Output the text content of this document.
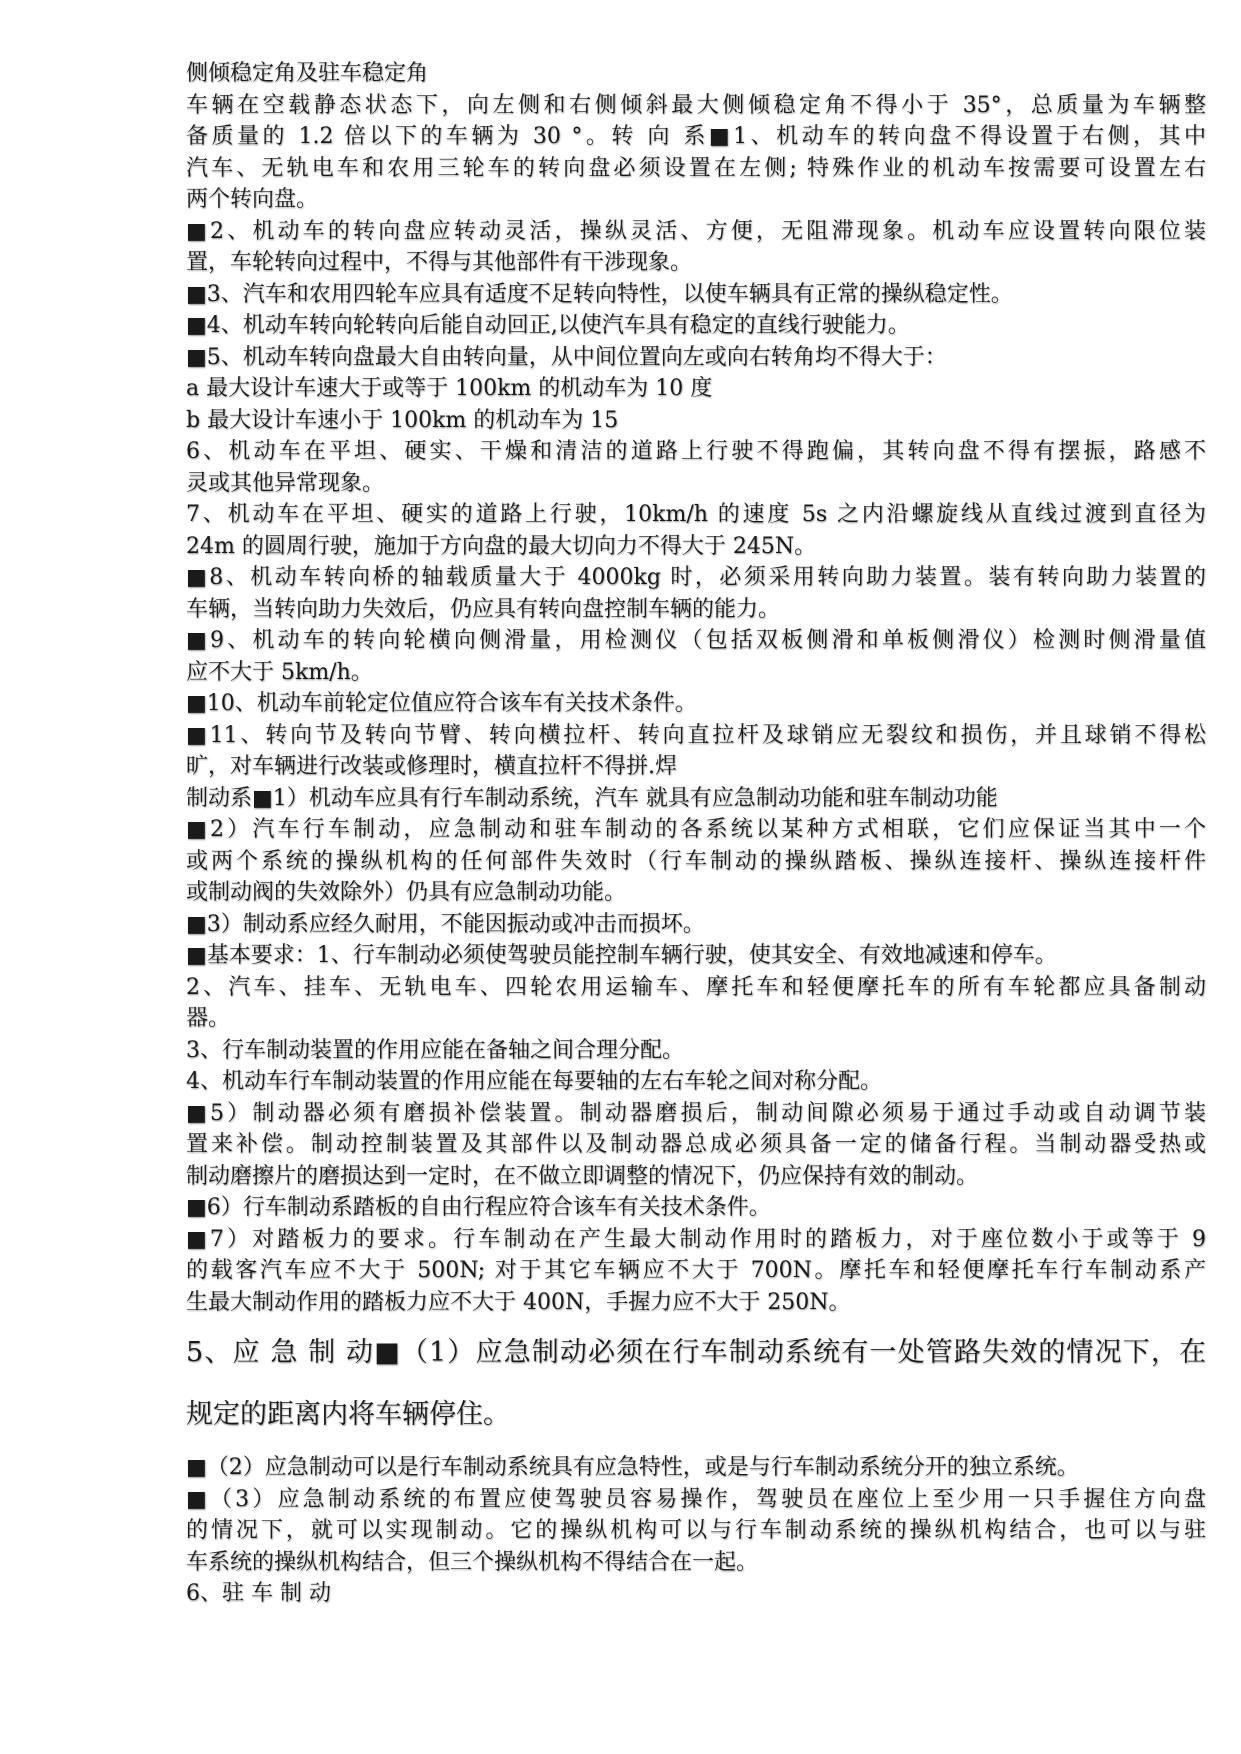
侧倾稳定角及驻车稳定角
车辆在空载静态状态下，向左侧和右侧倾斜最大侧倾稳定角不得小于 35°，总质量为车辆整
备质量的 1.2 倍以下的车辆为 30 °。转 向 系■1、机动车的转向盘不得设置于右侧，其中
汽车、无轨电车和农用三轮车的转向盘必须设置在左侧; 特殊作业的机动车按需要可设置左右
两个转向盘。
■2、机动车的转向盘应转动灵活，操纵灵活、方便，无阻滞现象。机动车应设置转向限位装
置，车轮转向过程中，不得与其他部件有干涉现象。
■3、汽车和农用四轮车应具有适度不足转向特性，以使车辆具有正常的操纵稳定性。
■4、机动车转向轮转向后能自动回正,以使汽车具有稳定的直线行驶能力。
■5、机动车转向盘最大自由转向量，从中间位置向左或向右转角均不得大于：
a 最大设计车速大于或等于 100km 的机动车为 10 度
b 最大设计车速小于 100km 的机动车为 15
6、机动车在平坦、硬实、干燥和清洁的道路上行驶不得跑偏，其转向盘不得有摆振，路感不
灵或其他异常现象。
7、机动车在平坦、硬实的道路上行驶，10km/h 的速度 5s 之内沿螺旋线从直线过渡到直径为
24m 的圆周行驶，施加于方向盘的最大切向力不得大于 245N。
■8、机动车转向桥的轴载质量大于 4000kg 时，必须采用转向助力装置。装有转向助力装置的
车辆，当转向助力失效后，仍应具有转向盘控制车辆的能力。
■9、机动车的转向轮横向侧滑量，用检测仪（包括双板侧滑和单板侧滑仪）检测时侧滑量值
应不大于 5km/h。
■10、机动车前轮定位值应符合该车有关技术条件。
■11、转向节及转向节臂、转向横拉杆、转向直拉杆及球销应无裂纹和损伤，并且球销不得松
旷，对车辆进行改装或修理时，横直拉杆不得拼.焊
制动系■1）机动车应具有行车制动系统，汽车 就具有应急制动功能和驻车制动功能
■2）汽车行车制动，应急制动和驻车制动的各系统以某种方式相联，它们应保证当其中一个
或两个系统的操纵机构的任何部件失效时（行车制动的操纵踏板、操纵连接杆、操纵连接杆件
或制动阀的失效除外）仍具有应急制动功能。
■3）制动系应经久耐用，不能因振动或冲击而损坏。
■基本要求：1、行车制动必须使驾驶员能控制车辆行驶，使其安全、有效地减速和停车。
2、汽车、挂车、无轨电车、四轮农用运输车、摩托车和轻便摩托车的所有车轮都应具备制动
器。
3、行车制动装置的作用应能在备轴之间合理分配。
4、机动车行车制动装置的作用应能在每要轴的左右车轮之间对称分配。
■5）制动器必须有磨损补偿装置。制动器磨损后，制动间隙必须易于通过手动或自动调节装
置来补偿。制动控制装置及其部件以及制动器总成必须具备一定的储备行程。当制动器受热或
制动磨擦片的磨损达到一定时，在不做立即调整的情况下，仍应保持有效的制动。
■6）行车制动系踏板的自由行程应符合该车有关技术条件。
■7）对踏板力的要求。行车制动在产生最大制动作用时的踏板力，对于座位数小于或等于 9
的载客汽车应不大于 500N; 对于其它车辆应不大于 700N。摩托车和轻便摩托车行车制动系产
生最大制动作用的踏板力应不大于 400N，手握力应不大于 250N。
5、应 急 制 动■（1）应急制动必须在行车制动系统有一处管路失效的情况下，在
规定的距离内将车辆停住。
■（2）应急制动可以是行车制动系统具有应急特性，或是与行车制动系统分开的独立系统。
■（3）应急制动系统的布置应使驾驶员容易操作，驾驶员在座位上至少用一只手握住方向盘
的情况下，就可以实现制动。它的操纵机构可以与行车制动系统的操纵机构结合，也可以与驻
车系统的操纵机构结合，但三个操纵机构不得结合在一起。
6、驻 车 制 动
